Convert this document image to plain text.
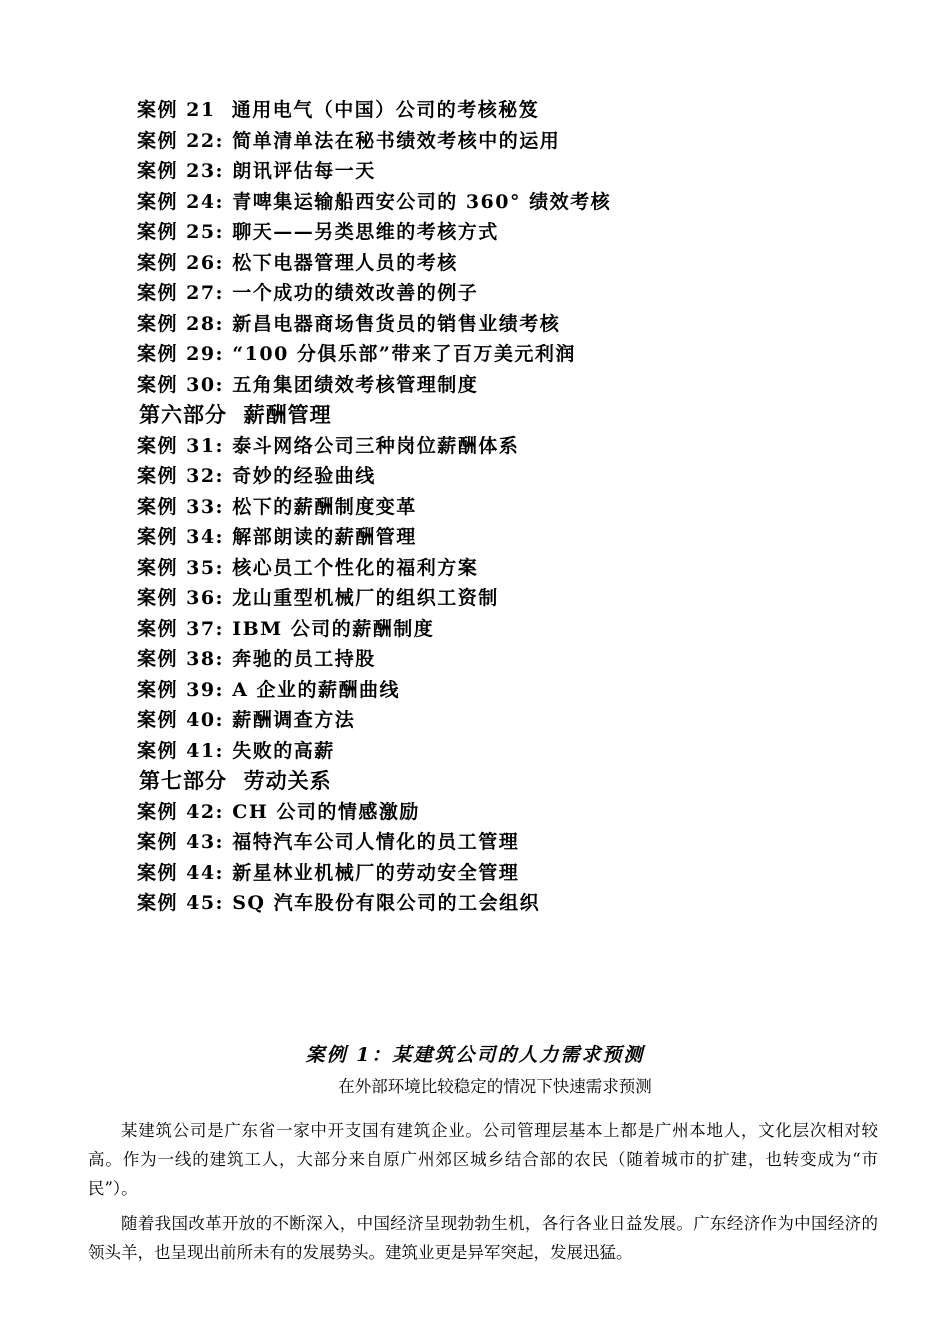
案例 21 通用电气（中国）公司的考核秘笈
案例 22: 简单清单法在秘书绩效考核中的运用
案例 23: 朗讯评估每一天
案例 24: 青啤集运输船西安公司的 360° 绩效考核
案例 25: 聊天——另类思维的考核方式
案例 26: 松下电器管理人员的考核
案例 27: 一个成功的绩效改善的例子
案例 28: 新昌电器商场售货员的销售业绩考核
案例 29: “100 分俱乐部”带来了百万美元利润
案例 30: 五角集团绩效考核管理制度
第六部分  薪酬管理
案例 31: 泰斗网络公司三种岗位薪酬体系
案例 32: 奇妙的经验曲线
案例 33: 松下的薪酬制度变革
案例 34: 解部朗读的薪酬管理
案例 35: 核心员工个性化的福利方案
案例 36: 龙山重型机械厂的组织工资制
案例 37: IBM 公司的薪酬制度
案例 38: 奔驰的员工持股
案例 39: A 企业的薪酬曲线
案例 40: 薪酬调查方法
案例 41: 失败的高薪
第七部分  劳动关系
案例 42: CH 公司的情感激励
案例 43: 福特汽车公司人情化的员工管理
案例 44: 新星林业机械厂的劳动安全管理
案例 45: SQ 汽车股份有限公司的工会组织
案例 1：某建筑公司的人力需求预测
在外部环境比较稳定的情况下快速需求预测

某建筑公司是广东省一家中开支国有建筑企业。公司管理层基本上都是广州本地人，文化层次相对较高。作为一线的建筑工人，大部分来自原广州郊区城乡结合部的农民（随着城市的扩建，也转变成为“市民”）。

随着我国改革开放的不断深入，中国经济呈现勃勃生机，各行各业日益发展。广东经济作为中国经济的领头羊，也呈现出前所未有的发展势头。建筑业更是异军突起，发展迅猛。
